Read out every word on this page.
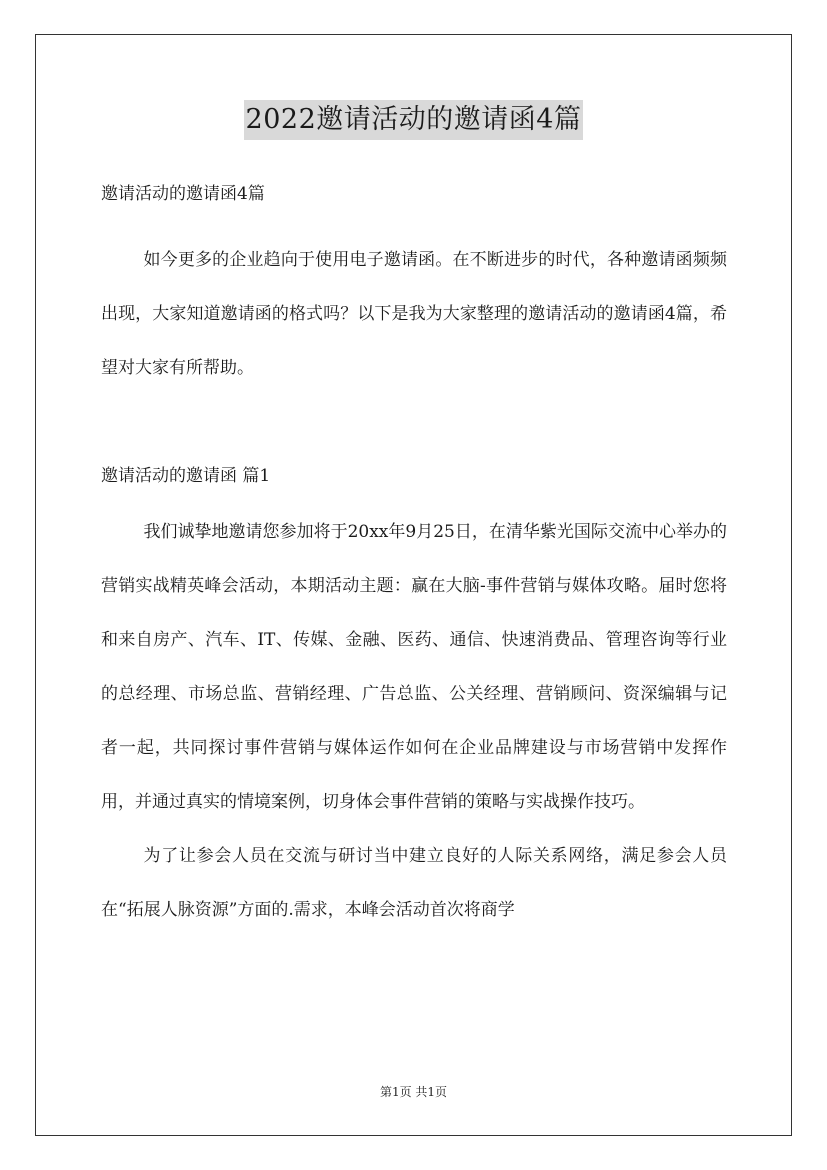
2022邀请活动的邀请函4篇

邀请活动的邀请函4篇

如今更多的企业趋向于使用电子邀请函。在不断进步的时代，各种邀请函频频出现，大家知道邀请函的格式吗？以下是我为大家整理的邀请活动的邀请函4篇，希望对大家有所帮助。

邀请活动的邀请函 篇1

我们诚挚地邀请您参加将于20xx年9月25日，在清华紫光国际交流中心举办的营销实战精英峰会活动，本期活动主题：赢在大脑-事件营销与媒体攻略。届时您将和来自房产、汽车、IT、传媒、金融、医药、通信、快速消费品、管理咨询等行业的总经理、市场总监、营销经理、广告总监、公关经理、营销顾问、资深编辑与记者一起，共同探讨事件营销与媒体运作如何在企业品牌建设与市场营销中发挥作用，并通过真实的情境案例，切身体会事件营销的策略与实战操作技巧。

为了让参会人员在交流与研讨当中建立良好的人际关系网络，满足参会人员在“拓展人脉资源”方面的.需求，本峰会活动首次将商学

第1页 共1页
